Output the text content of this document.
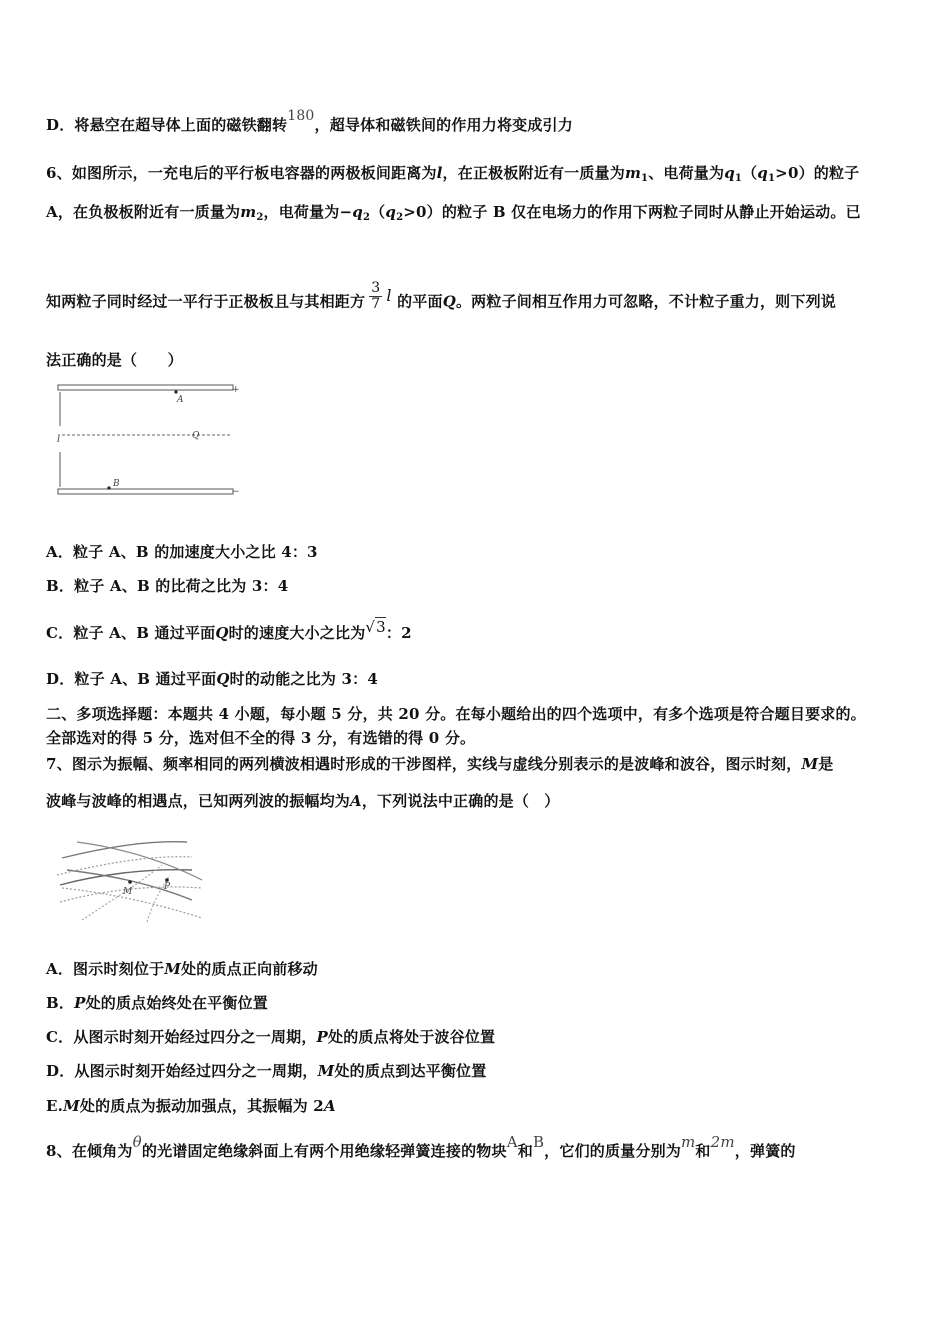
D．将悬空在超导体上面的磁铁翻转180，超导体和磁铁间的作用力将变成引力
6、如图所示，一充电后的平行板电容器的两极板间距离为l，在正极板附近有一质量为$m_1$、电荷量为$q_1(q_1>0)$的粒子
A，在负极板附近有一质量为$m_2$，电荷量为$-q_2(q_2>0)$的粒子 B 仅在电场力的作用下两粒子同时从静止开始运动。已
知两粒子同时经过一平行于正极板且与其相距方 $\frac{3}{7}$ l 的平面Q。两粒子间相互作用力可忽略，不计粒子重力，则下列说
法正确的是（　　）
+
−
l	Q
A
B
A．粒子 A、B 的加速度大小之比 4：3
B．粒子 A、B 的比荷之比为 3：4
C．粒子 A、B 通过平面Q时的速度大小之比为√3：2
D．粒子 A、B 通过平面Q时的动能之比为 3：4
二、多项选择题：本题共 4 小题，每小题 5 分，共 20 分。在每小题给出的四个选项中，有多个选项是符合题目要求的。
全部选对的得 5 分，选对但不全的得 3 分，有选错的得 0 分。
7、图示为振幅、频率相同的两列横波相遇时形成的干涉图样，实线与虚线分别表示的是波峰和波谷，图示时刻，M是
波峰与波峰的相遇点，已知两列波的振幅均为A，下列说法中正确的是（　）
M	P
A．图示时刻位于M处的质点正向前移动
B．P处的质点始终处在平衡位置
C．从图示时刻开始经过四分之一周期，P处的质点将处于波谷位置
D．从图示时刻开始经过四分之一周期，M处的质点到达平衡位置
E.M处的质点为振动加强点，其振幅为 2A
8、在倾角为θ的光谱固定绝缘斜面上有两个用绝缘轻弹簧连接的物块A和B，它们的质量分别为m和2m，弹簧的
